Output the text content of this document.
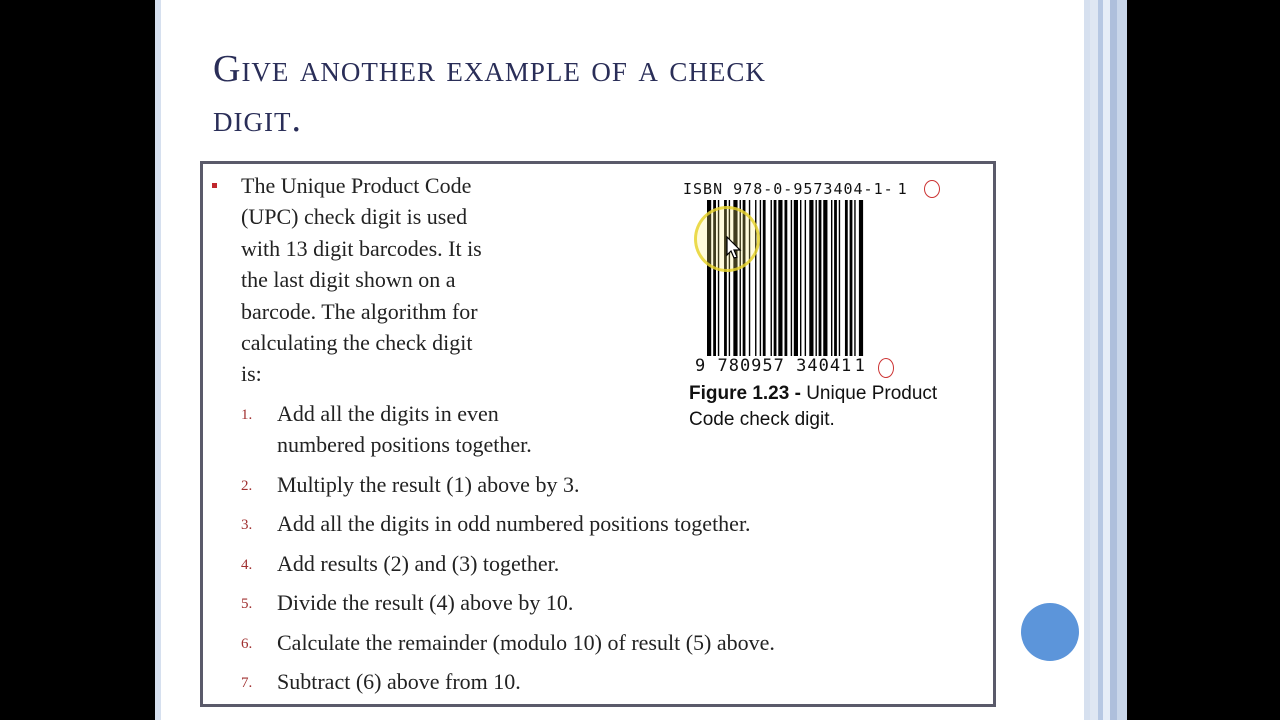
Give another example of a check
digit.
The Unique Product Code
(UPC) check digit is used
with 13 digit barcodes. It is
the last digit shown on a
barcode. The algorithm for
calculating the check digit
is:
1. Add all the digits in even
numbered positions together.
2. Multiply the result (1) above by 3.
3. Add all the digits in odd numbered positions together.
4. Add results (2) and (3) together.
5. Divide the result (4) above by 10.
6. Calculate the remainder (modulo 10) of result (5) above.
7. Subtract (6) above from 10.
ISBN 978-0-9573404-1- 1
9 780957 34041 1
Figure 1.23 - Unique Product Code check digit.
